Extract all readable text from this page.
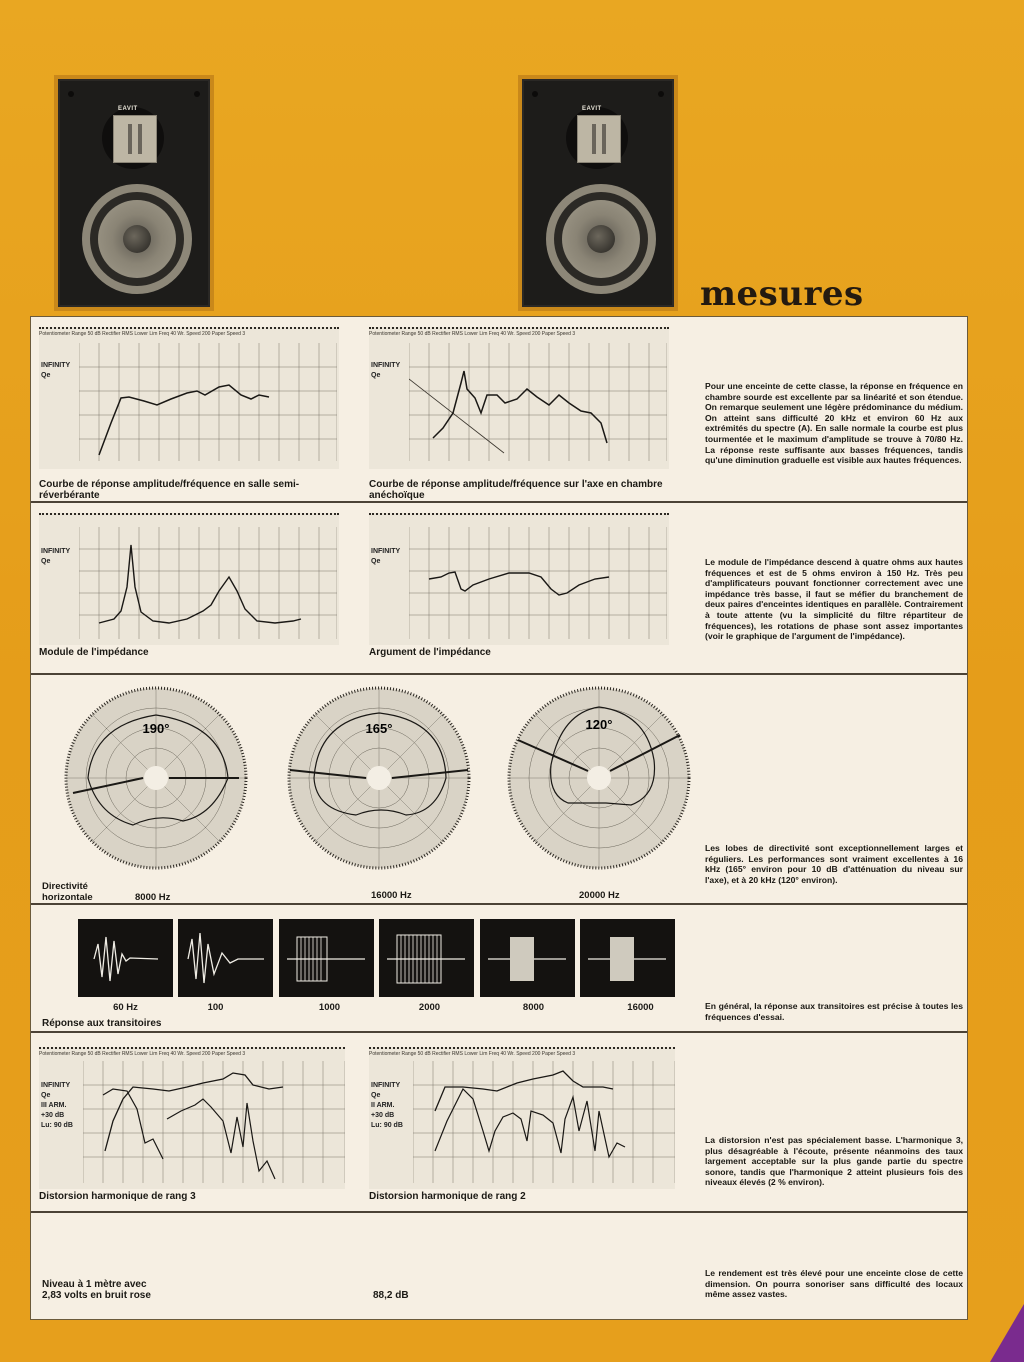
EAVIT	EAVIT
mesures
Potentiometer Range 50 dB Rectifier RMS Lower Lim Freq 40 Wr. Speed 200 Paper Speed 3
INFINITY Qe
Courbe de réponse amplitude/fréquence en salle semi-réverbérante
Potentiometer Range 50 dB Rectifier RMS Lower Lim Freq 40 Wr. Speed 200 Paper Speed 3
INFINITY Qe
Courbe de réponse amplitude/fréquence sur l'axe en chambre anéchoïque
Pour une enceinte de cette classe, la réponse en fréquence en chambre sourde est excellente par sa linéarité et son étendue. On remarque seulement une légère prédominance du médium. On atteint sans difficulté 20 kHz et environ 60 Hz aux extrémités du spectre (A). En salle normale la courbe est plus tourmentée et le maximum d'amplitude se trouve à 70/80 Hz. La réponse reste suffisante aux basses fréquences, tandis qu'une diminution graduelle est visible aux hautes fréquences.
INFINITY Qe
Module de l'impédance
INFINITY Qe
Argument de l'impédance
Le module de l'impédance descend à quatre ohms aux hautes fréquences et est de 5 ohms environ à 150 Hz. Très peu d'amplificateurs pouvant fonctionner correctement avec une impédance très basse, il faut se méfier du branchement de deux paires d'enceintes identiques en parallèle. Contrairement à toute attente (vu la simplicité du filtre répartiteur de fréquences), les rotations de phase sont assez importantes (voir le graphique de l'argument de l'impédance).
190°	165°	120°
Directivité
horizontale	8000 Hz	16000 Hz	20000 Hz
Les lobes de directivité sont exceptionnellement larges et réguliers. Les performances sont vraiment excellentes à 16 kHz (165° environ pour 10 dB d'atténuation du niveau sur l'axe), et à 20 kHz (120° environ).
60 Hz	100	1000	2000	8000	16000
Réponse aux transitoires
En général, la réponse aux transitoires est précise à toutes les fréquences d'essai.
Potentiometer Range 50 dB Rectifier RMS Lower Lim Freq 40 Wr. Speed 200 Paper Speed 3
INFINITY Qe
III ARM.
+30 dB
Lu: 90 dB
Distorsion harmonique de rang 3
Potentiometer Range 50 dB Rectifier RMS Lower Lim Freq 40 Wr. Speed 200 Paper Speed 3
INFINITY Qe
II ARM.
+30 dB
Lu: 90 dB
Distorsion harmonique de rang 2
La distorsion n'est pas spécialement basse. L'harmonique 3, plus désagréable à l'écoute, présente néanmoins des taux largement acceptable sur la plus gande partie du spectre sonore, tandis que l'harmonique 2 atteint plusieurs fois des niveaux élevés (2 % environ).
Niveau à 1 mètre avec
2,83 volts en bruit rose	88,2 dB
Le rendement est très élevé pour une enceinte close de cette dimension. On pourra sonoriser sans difficulté des locaux même assez vastes.
